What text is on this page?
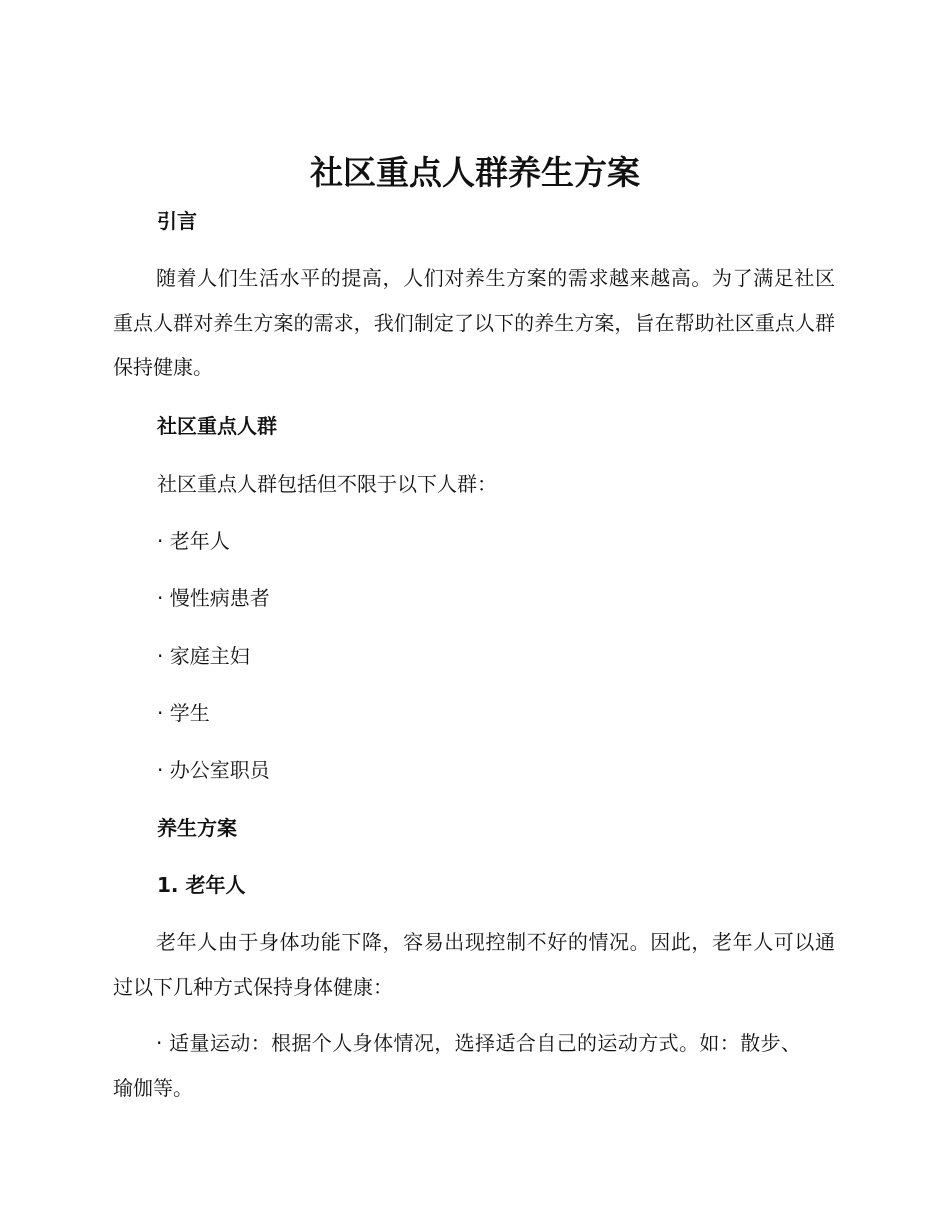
社区重点人群养生方案
引言

随着人们生活水平的提高，人们对养生方案的需求越来越高。为了满足社区重点人群对养生方案的需求，我们制定了以下的养生方案，旨在帮助社区重点人群保持健康。

社区重点人群

社区重点人群包括但不限于以下人群：

· 老年人

· 慢性病患者

· 家庭主妇

· 学生

· 办公室职员

养生方案
1. 老年人

老年人由于身体功能下降，容易出现控制不好的情况。因此，老年人可以通过以下几种方式保持身体健康：

· 适量运动：根据个人身体情况，选择适合自己的运动方式。如：散步、瑜伽等。
